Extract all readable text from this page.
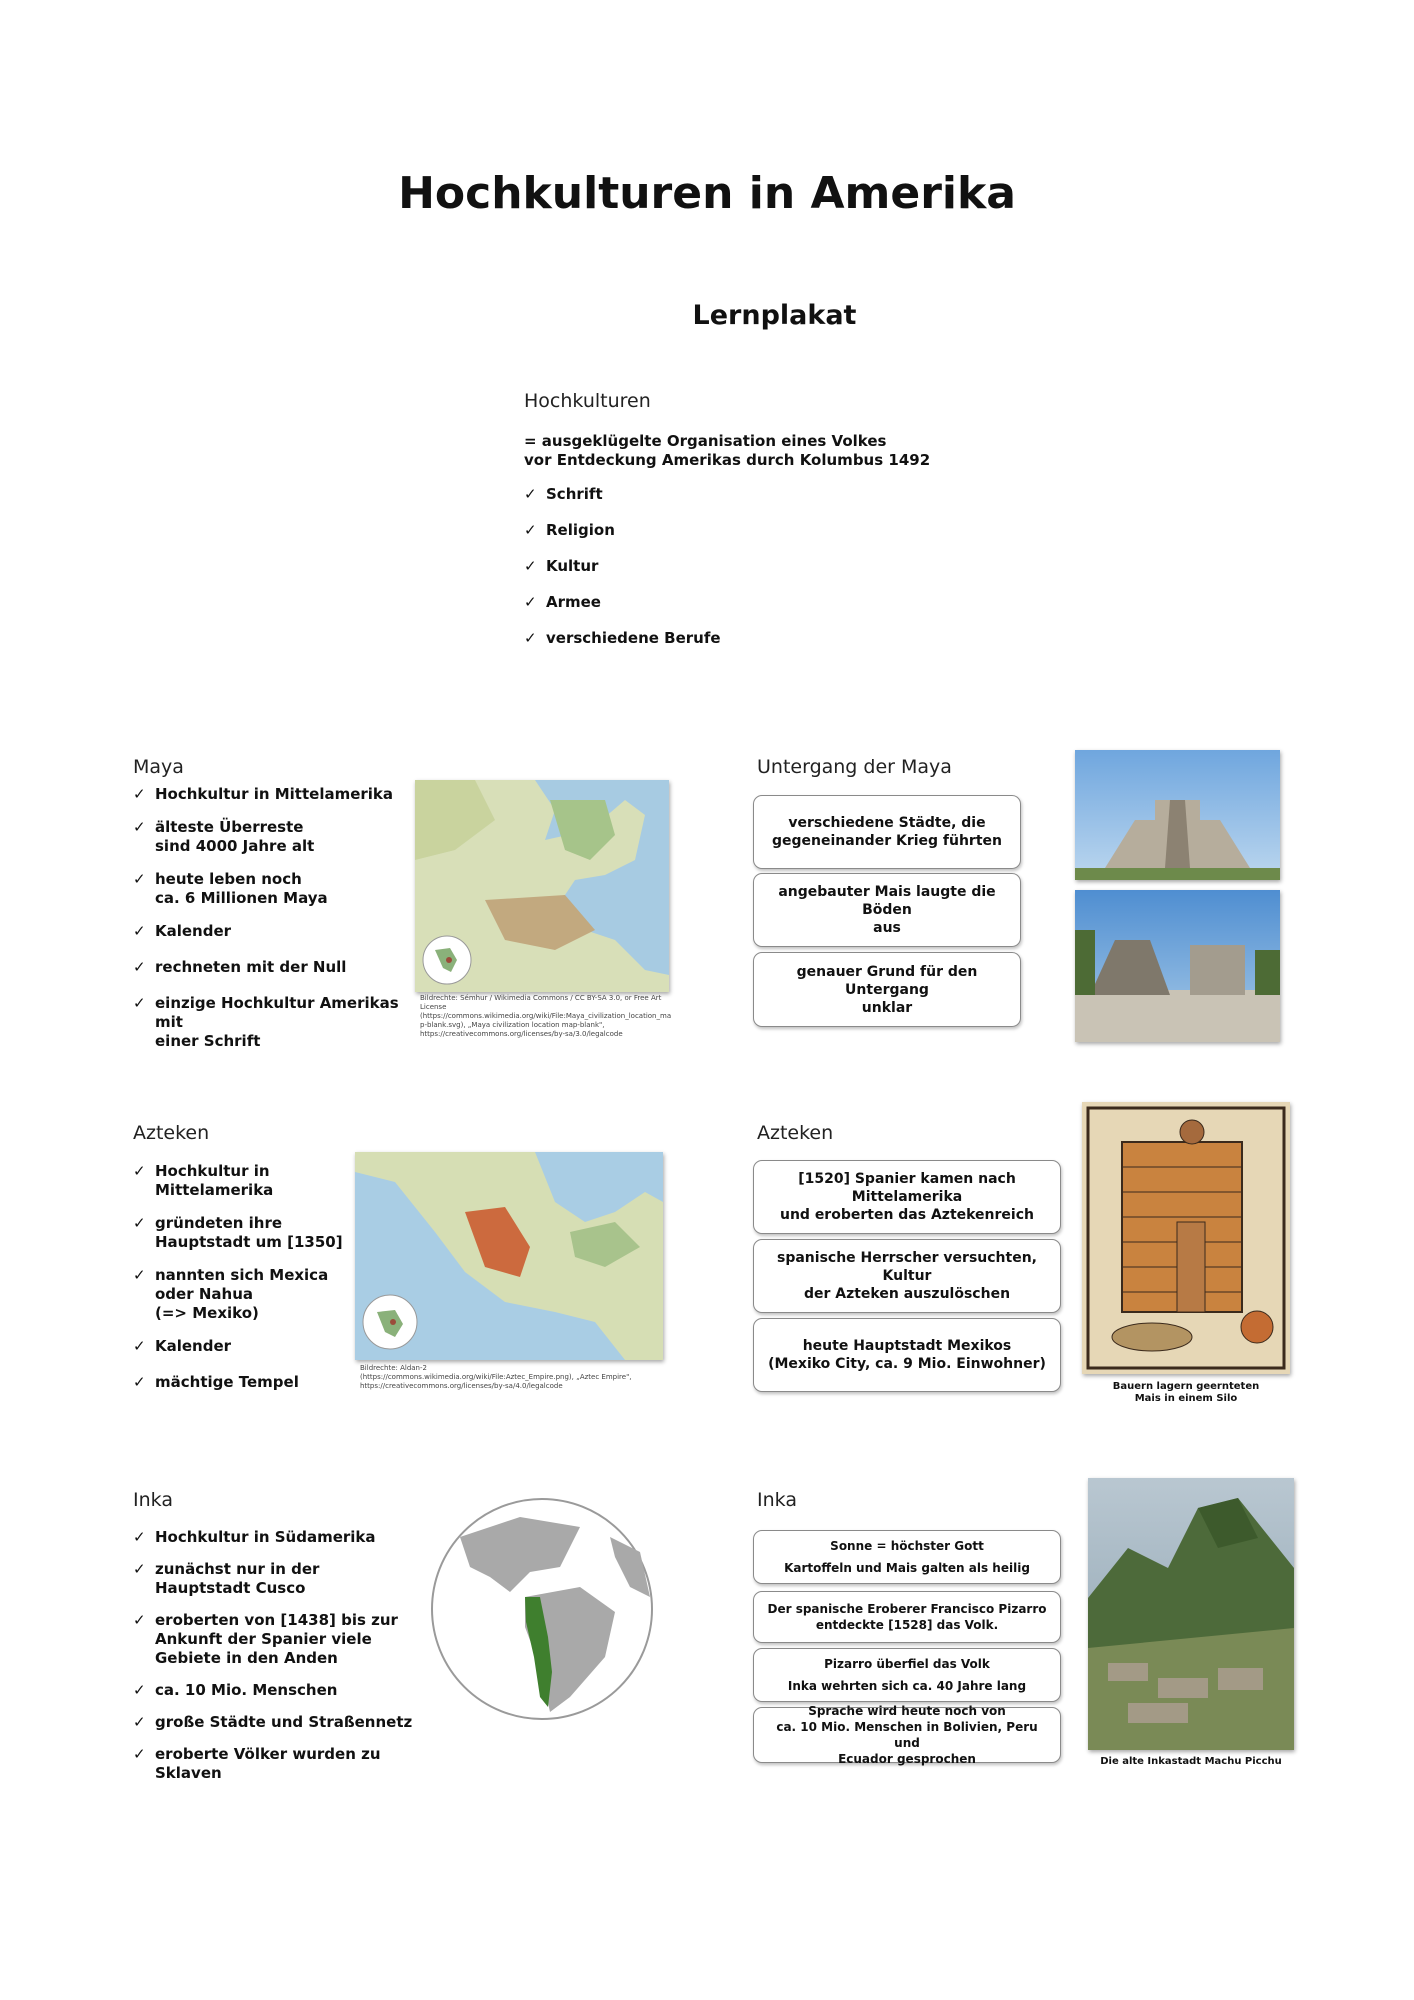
Hochkulturen in Amerika
Lernplakat
Hochkulturen
= ausgeklügelte Organisation eines Volkes
vor Entdeckung Amerikas durch Kolumbus 1492
✓ Schrift
✓ Religion
✓ Kultur
✓ Armee
✓ verschiedene Berufe
Maya
✓ Hochkultur in Mittelamerika
✓ älteste Überreste
sind 4000 Jahre alt
✓ heute leben noch
ca. 6 Millionen Maya
✓ Kalender
✓ rechneten mit der Null
✓ einzige Hochkultur Amerikas mit
einer Schrift
Bildrechte: Sémhur / Wikimedia Commons / CC BY-SA 3.0, or Free Art
License (https://commons.wikimedia.org/wiki/File:Maya_civilization_location_ma
p-blank.svg), „Maya civilization location map-blank",
https://creativecommons.org/licenses/by-sa/3.0/legalcode
Untergang der Maya
verschiedene Städte, die
gegeneinander Krieg führten
angebauter Mais laugte die Böden
aus
genauer Grund für den Untergang
unklar
Azteken
✓ Hochkultur in
Mittelamerika
✓ gründeten ihre
Hauptstadt um [1350]
✓ nannten sich Mexica
oder Nahua
(=> Mexiko)
✓ Kalender
✓ mächtige Tempel
Bildrechte: Aldan-2
(https://commons.wikimedia.org/wiki/File:Aztec_Empire.png), „Aztec Empire",
https://creativecommons.org/licenses/by-sa/4.0/legalcode
Azteken
[1520] Spanier kamen nach Mittelamerika
und eroberten das Aztekenreich
spanische Herrscher versuchten, Kultur
der Azteken auszulöschen
heute Hauptstadt Mexikos
(Mexiko City, ca. 9 Mio. Einwohner)
Bauern lagern geernteten
Mais in einem Silo
Inka
✓ Hochkultur in Südamerika
✓ zunächst nur in der
Hauptstadt Cusco
✓ eroberten von [1438] bis zur
Ankunft der Spanier viele
Gebiete in den Anden
✓ ca. 10 Mio. Menschen
✓ große Städte und Straßennetz
✓ eroberte Völker wurden zu Sklaven
Inka
Sonne = höchster Gott
Kartoffeln und Mais galten als heilig
Der spanische Eroberer Francisco Pizarro
entdeckte [1528] das Volk.
Pizarro überfiel das Volk
Inka wehrten sich ca. 40 Jahre lang
Sprache wird heute noch von
ca. 10 Mio. Menschen in Bolivien, Peru und
Ecuador gesprochen	Die alte Inkastadt Machu Picchu
